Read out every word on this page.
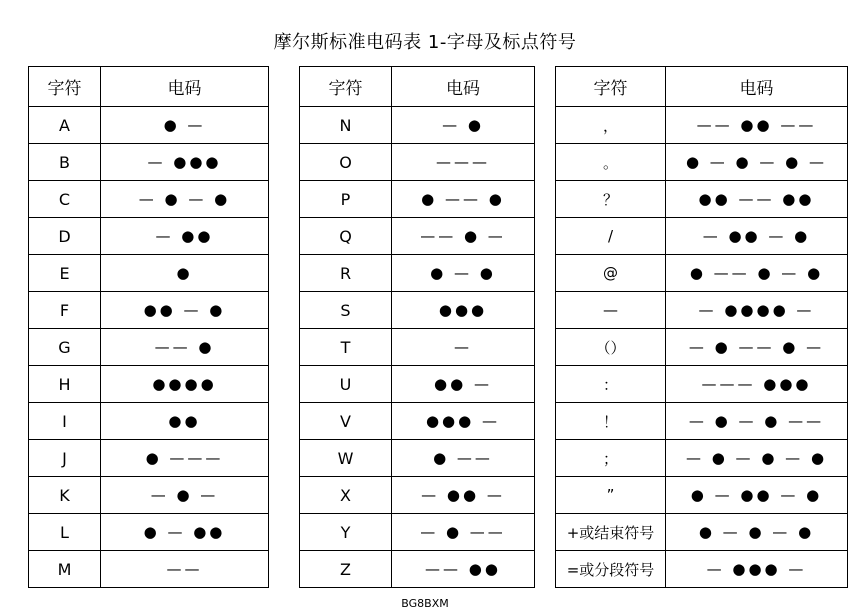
摩尔斯标准电码表 1-字母及标点符号
字符	电码		字符	电码		字符	电码
A	● —		N	— ●		，	—— ●● ——
B	— ●●●		O	———		。	● — ● — ● —
C	— ● — ●		P	● —— ●		？	●● —— ●●
D	— ●●		Q	—— ● —		/	— ●● — ●
E	●		R	● — ●		@	● —— ● — ●
F	●● — ●		S	●●●		—	— ●●●● —
G	—— ●		T	—		（）	— ● —— ● —
H	●●●●		U	●● —		：	——— ●●●
I	●●		V	●●● —		！	— ● — ● ——
J	● ———		W	● ——		；	— ● — ● — ●
K	— ● —		X	— ●● —		”	● — ●● — ●
L	● — ●●		Y	— ● ——		+或结束符号	● — ● — ●
M	——		Z	—— ●●		=或分段符号	— ●●● —
BG8BXM
